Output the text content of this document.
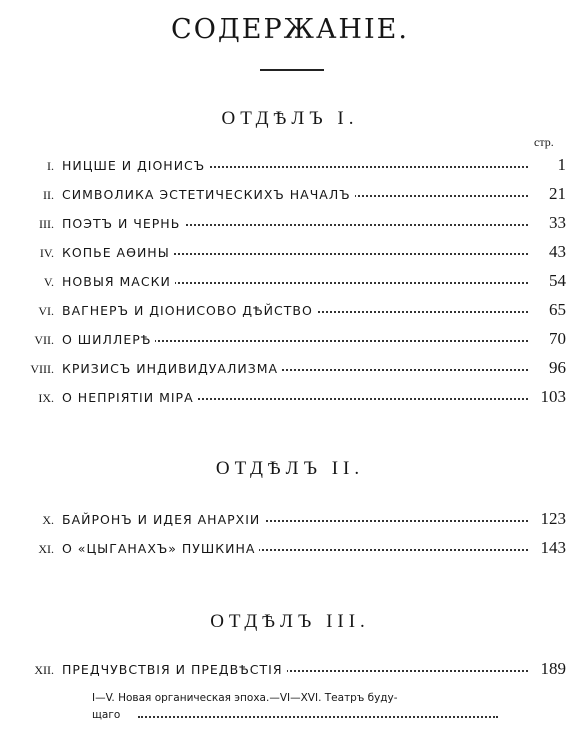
СОДЕРЖАНІЕ.
ОТДѢЛЪ I.
стр.
I. НИЦШЕ И ДІОНИСЪ	1
II. СИМВОЛИКА ЭСТЕТИЧЕСКИХЪ НАЧАЛЪ	21
III. ПОЭТЪ И ЧЕРНЬ	33
IV. КОПЬЕ АѲИНЫ	43
V. НОВЫЯ МАСКИ	54
VI. ВАГНЕРЪ И ДІОНИСОВО ДѢЙСТВО	65
VII. О ШИЛЛЕРѢ	70
VIII. КРИЗИСЪ ИНДИВИДУАЛИЗМА	96
IX. О НЕПРІЯТІИ МІРА	103
ОТДѢЛЪ II.
X. БАЙРОНЪ И ИДЕЯ АНАРХІИ	123
XI. О «ЦЫГАНАХЪ» ПУШКИНА	143
ОТДѢЛЪ III.
XII. ПРЕДЧУВСТВІЯ И ПРЕДВѢСТІЯ	189
I—V. Новая органическая эпоха.—VI—XVI. Театръ буду-
щаго
